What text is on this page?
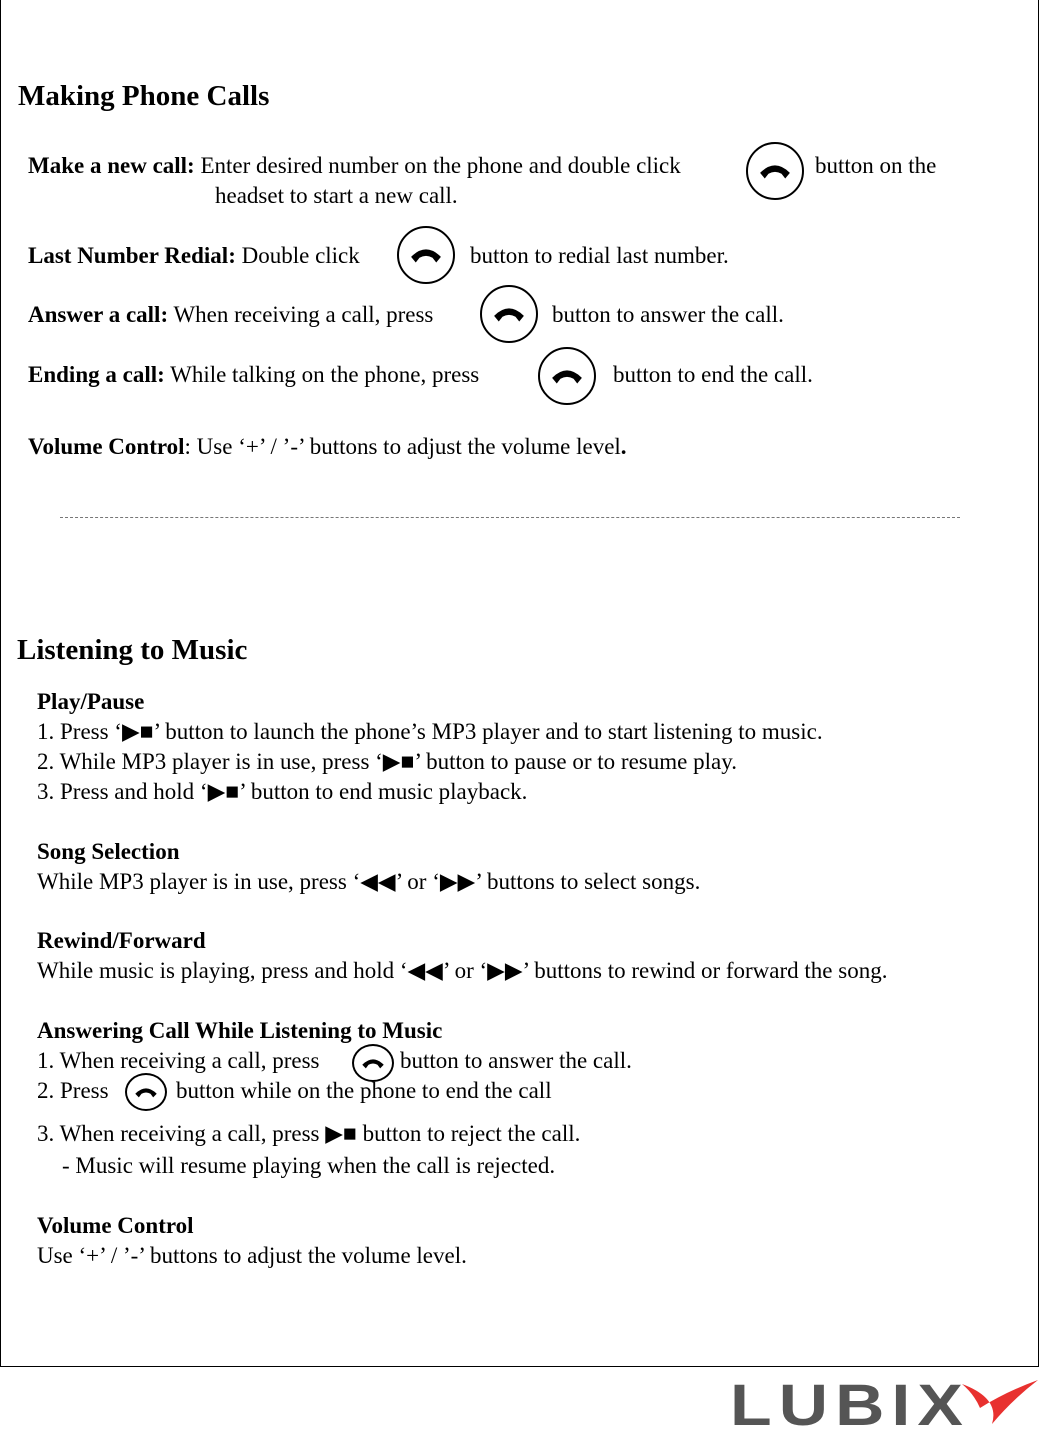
Making Phone Calls
Make a new call: Enter desired number on the phone and double click	button on the
headset to start a new call.
Last Number Redial: Double click	button to redial last number.
Answer a call: When receiving a call, press	button to answer the call.
Ending a call: While talking on the phone, press	button to end the call.
Volume Control: Use ‘+’ / ’-’ buttons to adjust the volume level.
Listening to Music
Play/Pause
1. Press ‘▶■’ button to launch the phone’s MP3 player and to start listening to music.
2. While MP3 player is in use, press ‘▶■’ button to pause or to resume play.
3. Press and hold ‘▶■’ button to end music playback.
Song Selection
While MP3 player is in use, press ‘◀◀’ or ‘▶▶’ buttons to select songs.
Rewind/Forward
While music is playing, press and hold ‘◀◀’ or ‘▶▶’ buttons to rewind or forward the song.
Answering Call While Listening to Music
1. When receiving a call, press	button to answer the call.
2. Press	button while on the phone to end the call
3. When receiving a call, press ▶■ button to reject the call.
- Music will resume playing when the call is rejected.
Volume Control
Use ‘+’ / ’-’ buttons to adjust the volume level.
LUBIX
